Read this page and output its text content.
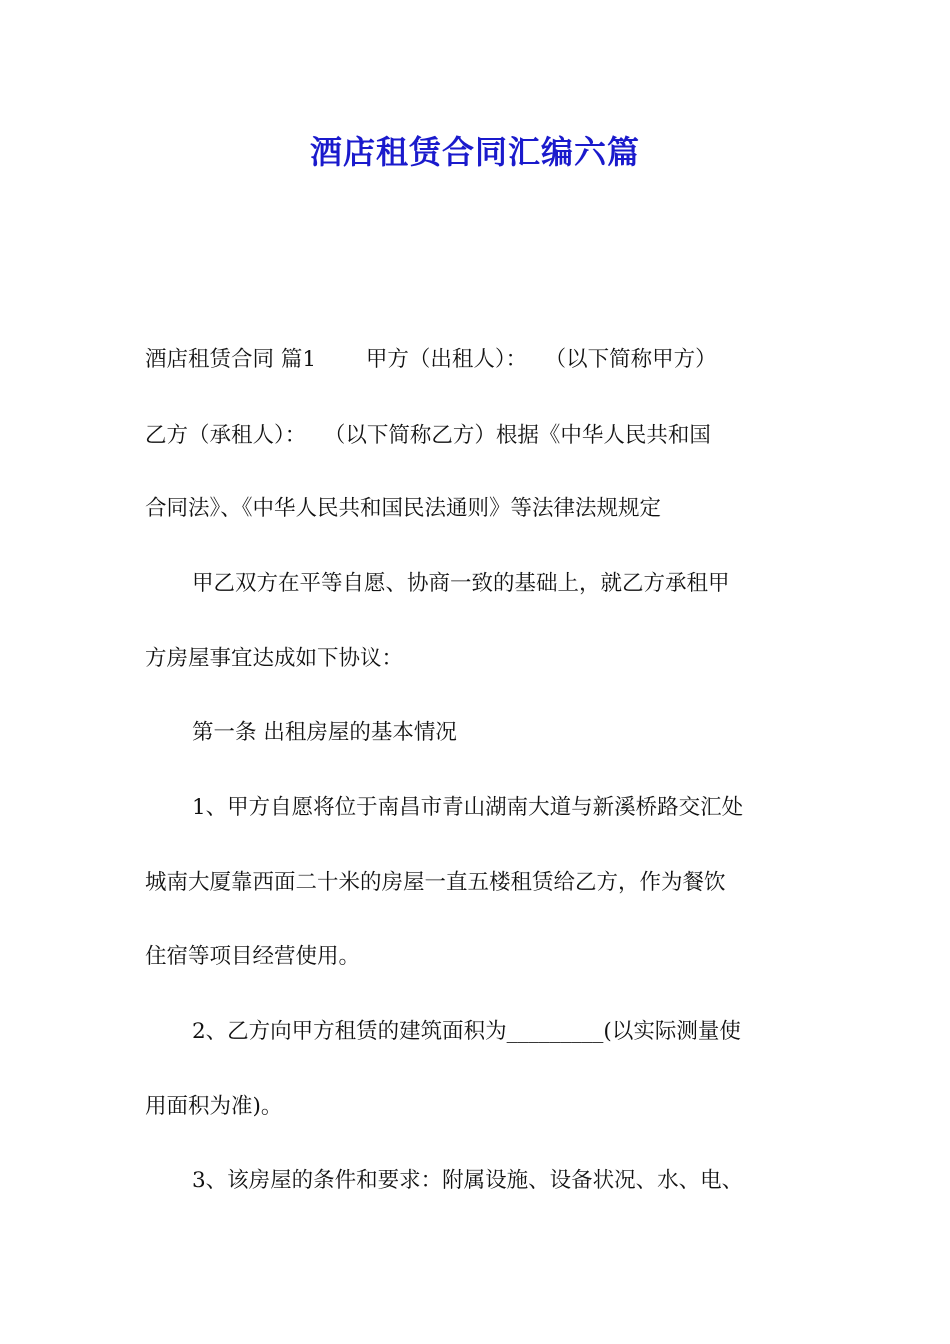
酒店租赁合同汇编六篇
酒店租赁合同 篇1　　 甲方（出租人）：　 （以下简称甲方）
乙方（承租人）：　 （以下简称乙方）根据《中华人民共和国
合同法》、《中华人民共和国民法通则》等法律法规规定
甲乙双方在平等自愿、协商一致的基础上，就乙方承租甲
方房屋事宜达成如下协议：
第一条 出租房屋的基本情况
1、甲方自愿将位于南昌市青山湖南大道与新溪桥路交汇处
城南大厦靠西面二十米的房屋一直五楼租赁给乙方，作为餐饮
住宿等项目经营使用。
2、乙方向甲方租赁的建筑面积为_________(以实际测量使
用面积为准)。
3、该房屋的条件和要求：附属设施、设备状况、水、电、
